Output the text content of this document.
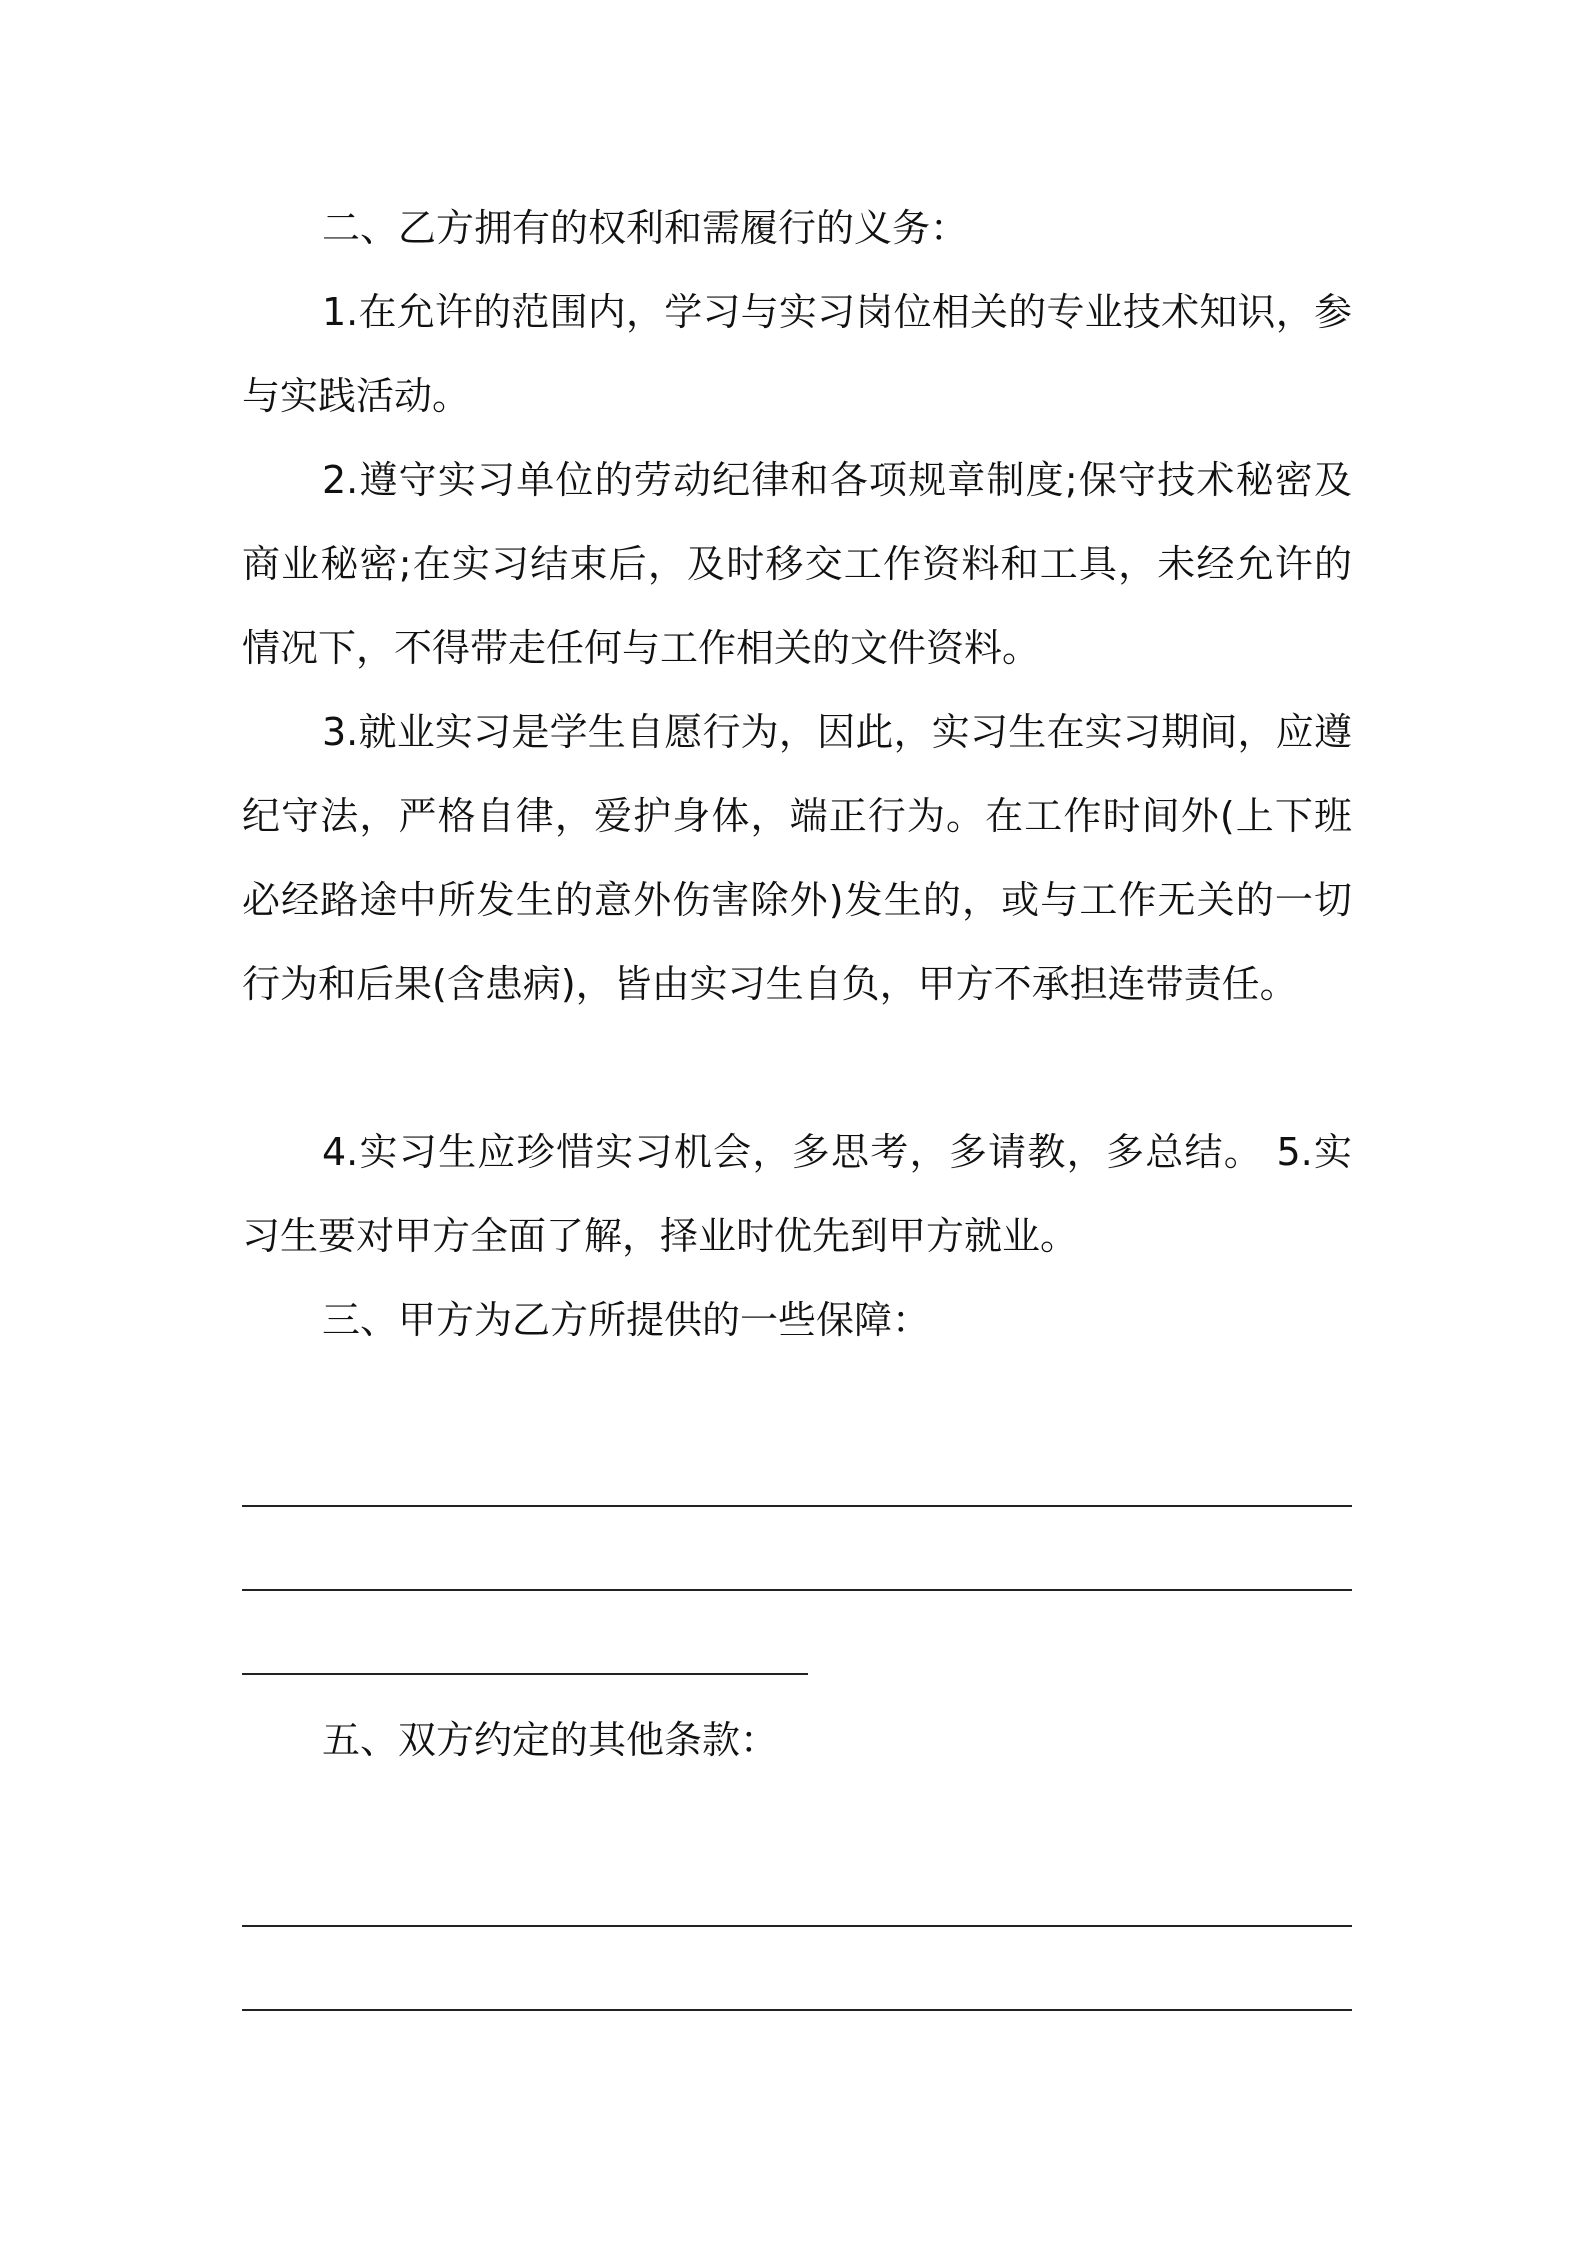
二、乙方拥有的权利和需履行的义务：
1.在允许的范围内，学习与实习岗位相关的专业技术知识，参与实践活动。
2.遵守实习单位的劳动纪律和各项规章制度;保守技术秘密及商业秘密;在实习结束后，及时移交工作资料和工具，未经允许的情况下，不得带走任何与工作相关的文件资料。
3.就业实习是学生自愿行为，因此，实习生在实习期间，应遵纪守法，严格自律，爱护身体，端正行为。在工作时间外(上下班必经路途中所发生的意外伤害除外)发生的，或与工作无关的一切行为和后果(含患病)，皆由实习生自负，甲方不承担连带责任。
4.实习生应珍惜实习机会，多思考，多请教，多总结。 5.实习生要对甲方全面了解，择业时优先到甲方就业。
三、甲方为乙方所提供的一些保障：
五、双方约定的其他条款：
